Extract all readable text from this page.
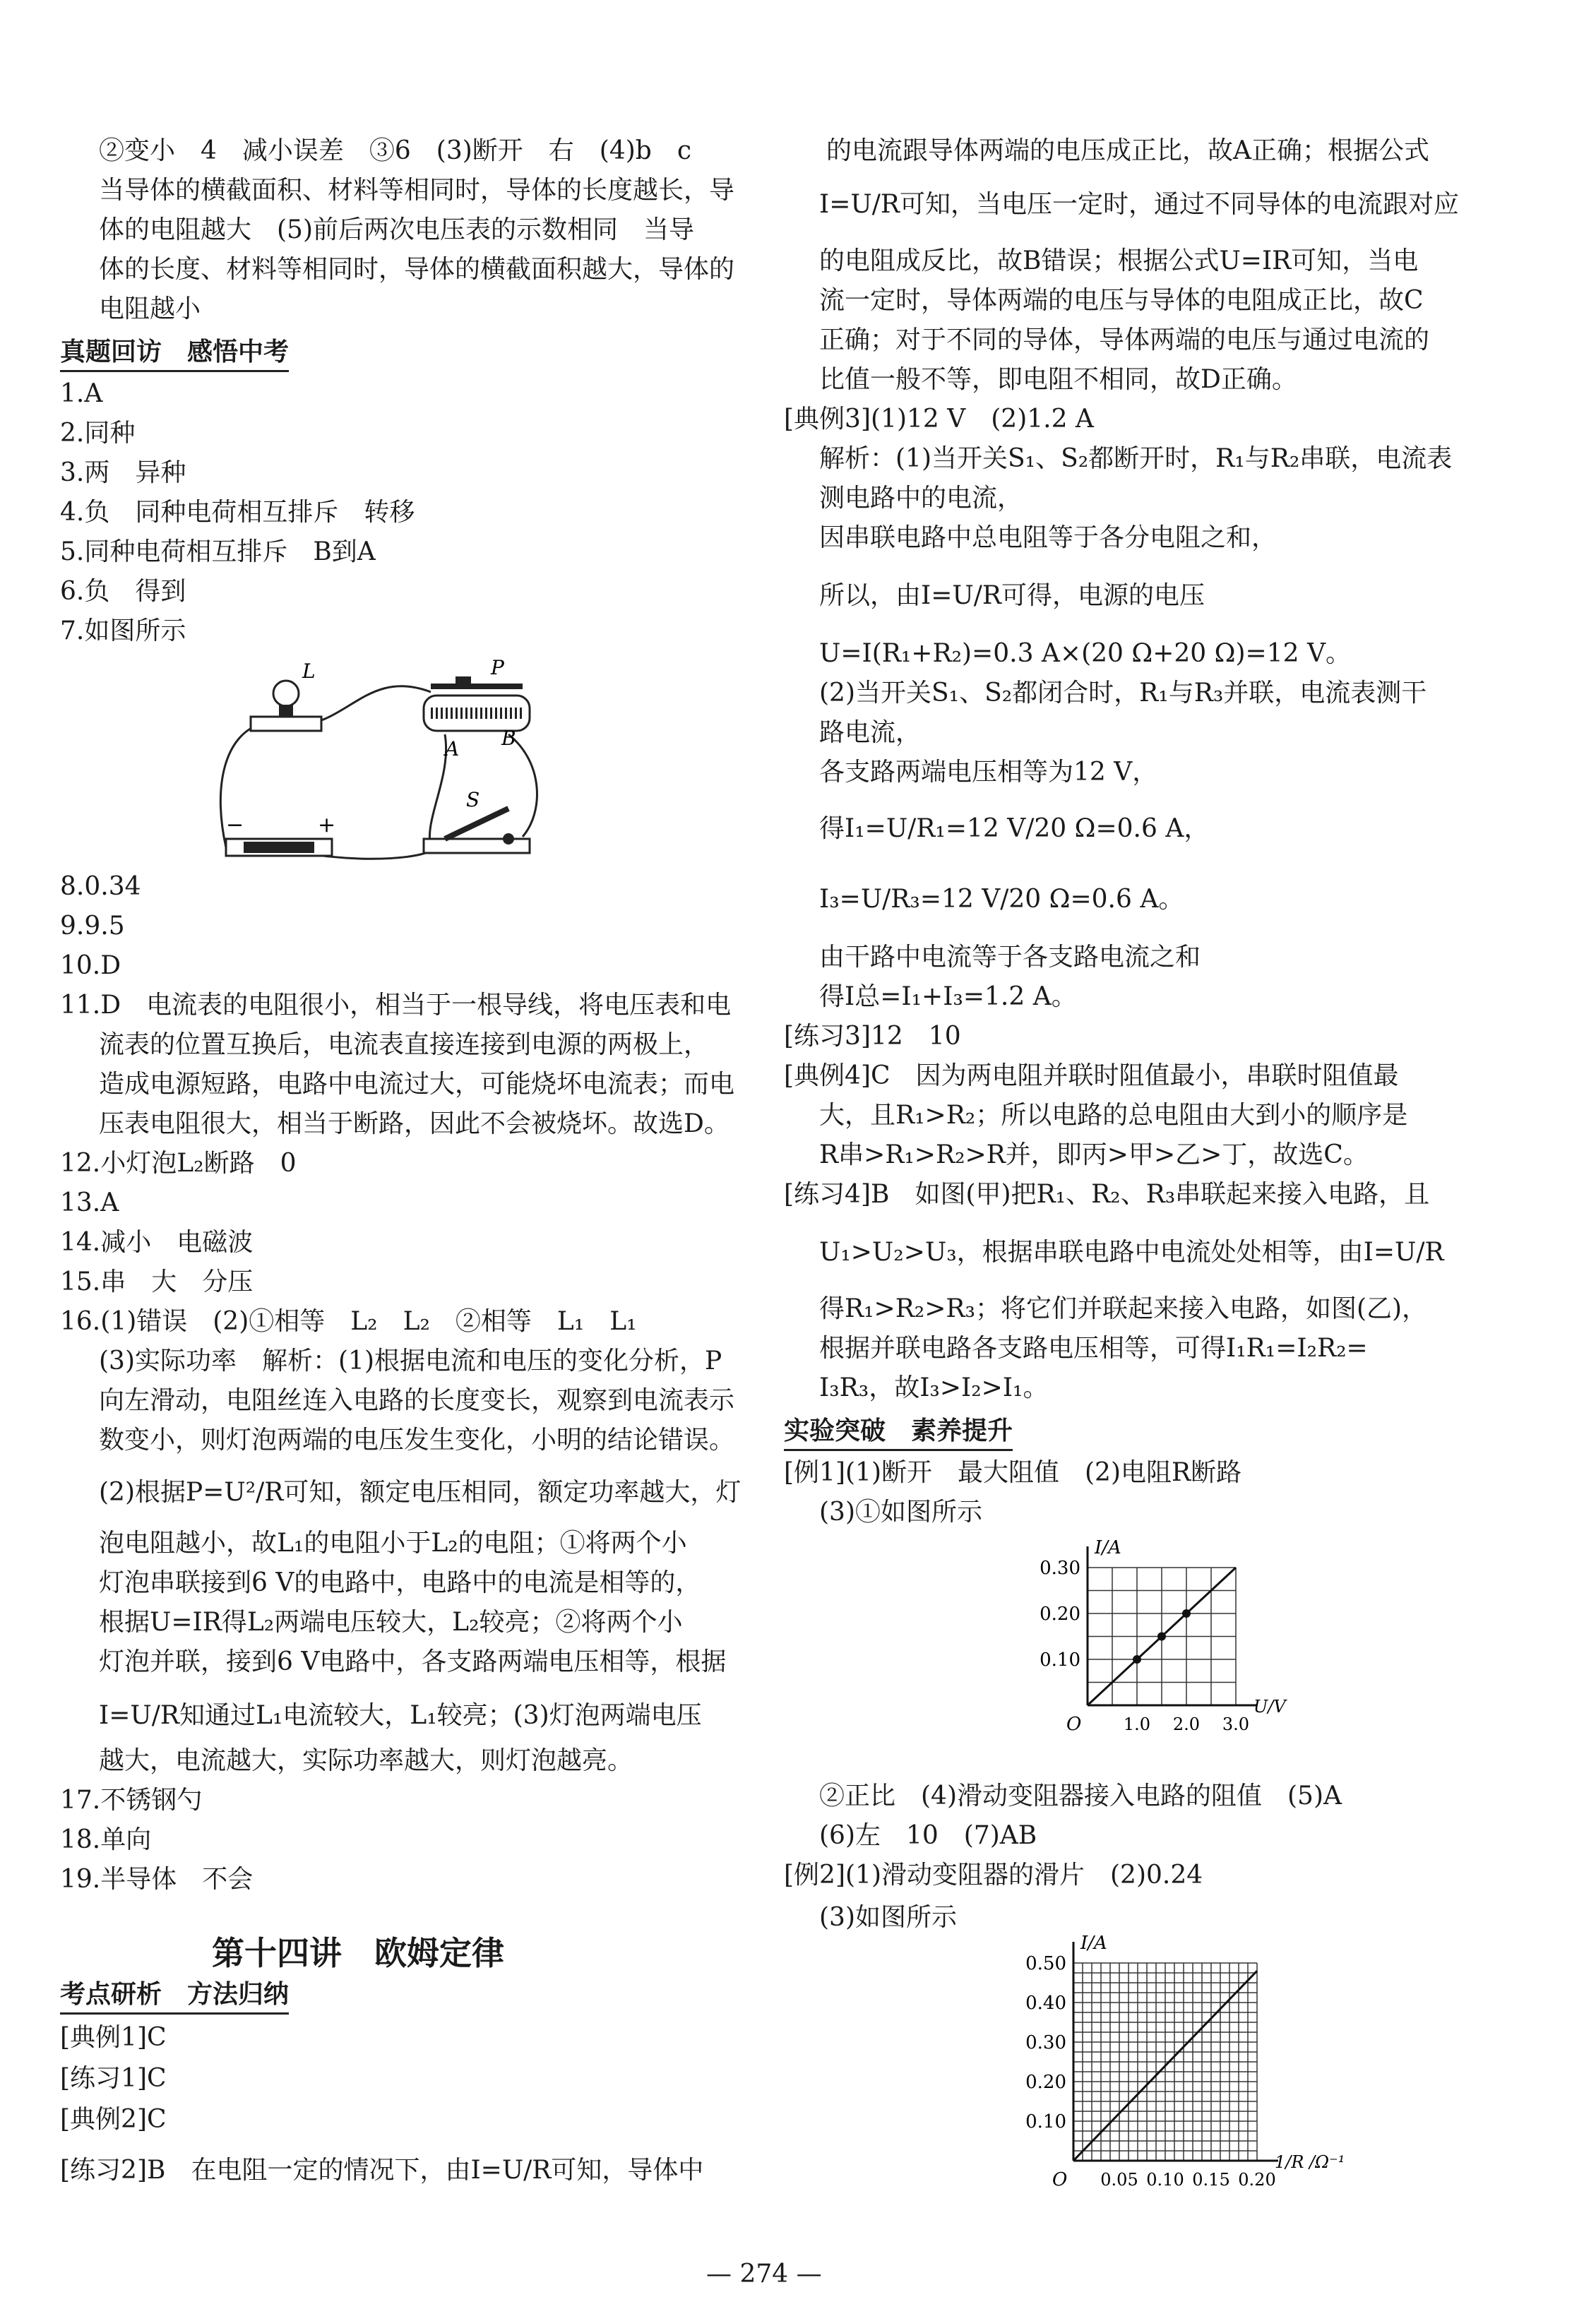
②变小　4　减小误差　③6　(3)断开　右　(4)b　c
当导体的横截面积、材料等相同时，导体的长度越长，导
体的电阻越大　(5)前后两次电压表的示数相同　当导
体的长度、材料等相同时，导体的横截面积越大，导体的
电阻越小
真题回访　感悟中考
1.A
2.同种
3.两　异种
4.负　同种电荷相互排斥　转移
5.同种电荷相互排斥　B到A
6.负　得到
7.如图所示
L	P
A B
−	+
S
8.0.34
9.9.5
10.D
11.D　电流表的电阻很小，相当于一根导线，将电压表和电
流表的位置互换后，电流表直接连接到电源的两极上，
造成电源短路，电路中电流过大，可能烧坏电流表；而电
压表电阻很大，相当于断路，因此不会被烧坏。故选D。
12.小灯泡L₂断路　0
13.A
14.减小　电磁波
15.串　大　分压
16.(1)错误　(2)①相等　L₂　L₂　②相等　L₁　L₁
(3)实际功率　解析：(1)根据电流和电压的变化分析，P
向左滑动，电阻丝连入电路的长度变长，观察到电流表示
数变小，则灯泡两端的电压发生变化，小明的结论错误。
(2)根据P=U²/R可知，额定电压相同，额定功率越大，灯
泡电阻越小，故L₁的电阻小于L₂的电阻；①将两个小
灯泡串联接到6 V的电路中，电路中的电流是相等的，
根据U=IR得L₂两端电压较大，L₂较亮；②将两个小
灯泡并联，接到6 V电路中，各支路两端电压相等，根据
I=U/R知通过L₁电流较大，L₁较亮；(3)灯泡两端电压
越大，电流越大，实际功率越大，则灯泡越亮。
17.不锈钢勺
18.单向
19.半导体　不会
考点研析　方法归纳
[典例1]C
[练习1]C
[典例2]C
[练习2]B　在电阻一定的情况下，由I=U/R可知，导体中
第十四讲　欧姆定律
的电流跟导体两端的电压成正比，故A正确；根据公式
I=U/R可知，当电压一定时，通过不同导体的电流跟对应
的电阻成反比，故B错误；根据公式U=IR可知，当电
流一定时，导体两端的电压与导体的电阻成正比，故C
正确；对于不同的导体，导体两端的电压与通过电流的
比值一般不等，即电阻不相同，故D正确。
[典例3](1)12 V　(2)1.2 A
解析：(1)当开关S₁、S₂都断开时，R₁与R₂串联，电流表
测电路中的电流，
因串联电路中总电阻等于各分电阻之和，
所以，由I=U/R可得，电源的电压
U=I(R₁+R₂)=0.3 A×(20 Ω+20 Ω)=12 V。
(2)当开关S₁、S₂都闭合时，R₁与R₃并联，电流表测干
路电流，
各支路两端电压相等为12 V，
得I₁=U/R₁=12 V/20 Ω=0.6 A，
I₃=U/R₃=12 V/20 Ω=0.6 A。
由干路中电流等于各支路电流之和
得I总=I₁+I₃=1.2 A。
[练习3]12　10
[典例4]C　因为两电阻并联时阻值最小，串联时阻值最
大，且R₁>R₂；所以电路的总电阻由大到小的顺序是
R串>R₁>R₂>R并，即丙>甲>乙>丁，故选C。
[练习4]B　如图(甲)把R₁、R₂、R₃串联起来接入电路，且
U₁>U₂>U₃，根据串联电路中电流处处相等，由I=U/R
得R₁>R₂>R₃；将它们并联起来接入电路，如图(乙)，
根据并联电路各支路电压相等，可得I₁R₁=I₂R₂=
I₃R₃，故I₃>I₂>I₁。
实验突破　素养提升
[例1](1)断开　最大阻值　(2)电阻R断路
(3)①如图所示
I/A
U/V
O
0.10
0.20
0.30
1.0 2.0 3.0
②正比　(4)滑动变阻器接入电路的阻值　(5)A
(6)左　10　(7)AB
[例2](1)滑动变阻器的滑片　(2)0.24
(3)如图所示
I/A
1/R /Ω⁻¹
O
0.10
0.20
0.30
0.40
0.50
0.05 0.10 0.15 0.20
— 274 —
